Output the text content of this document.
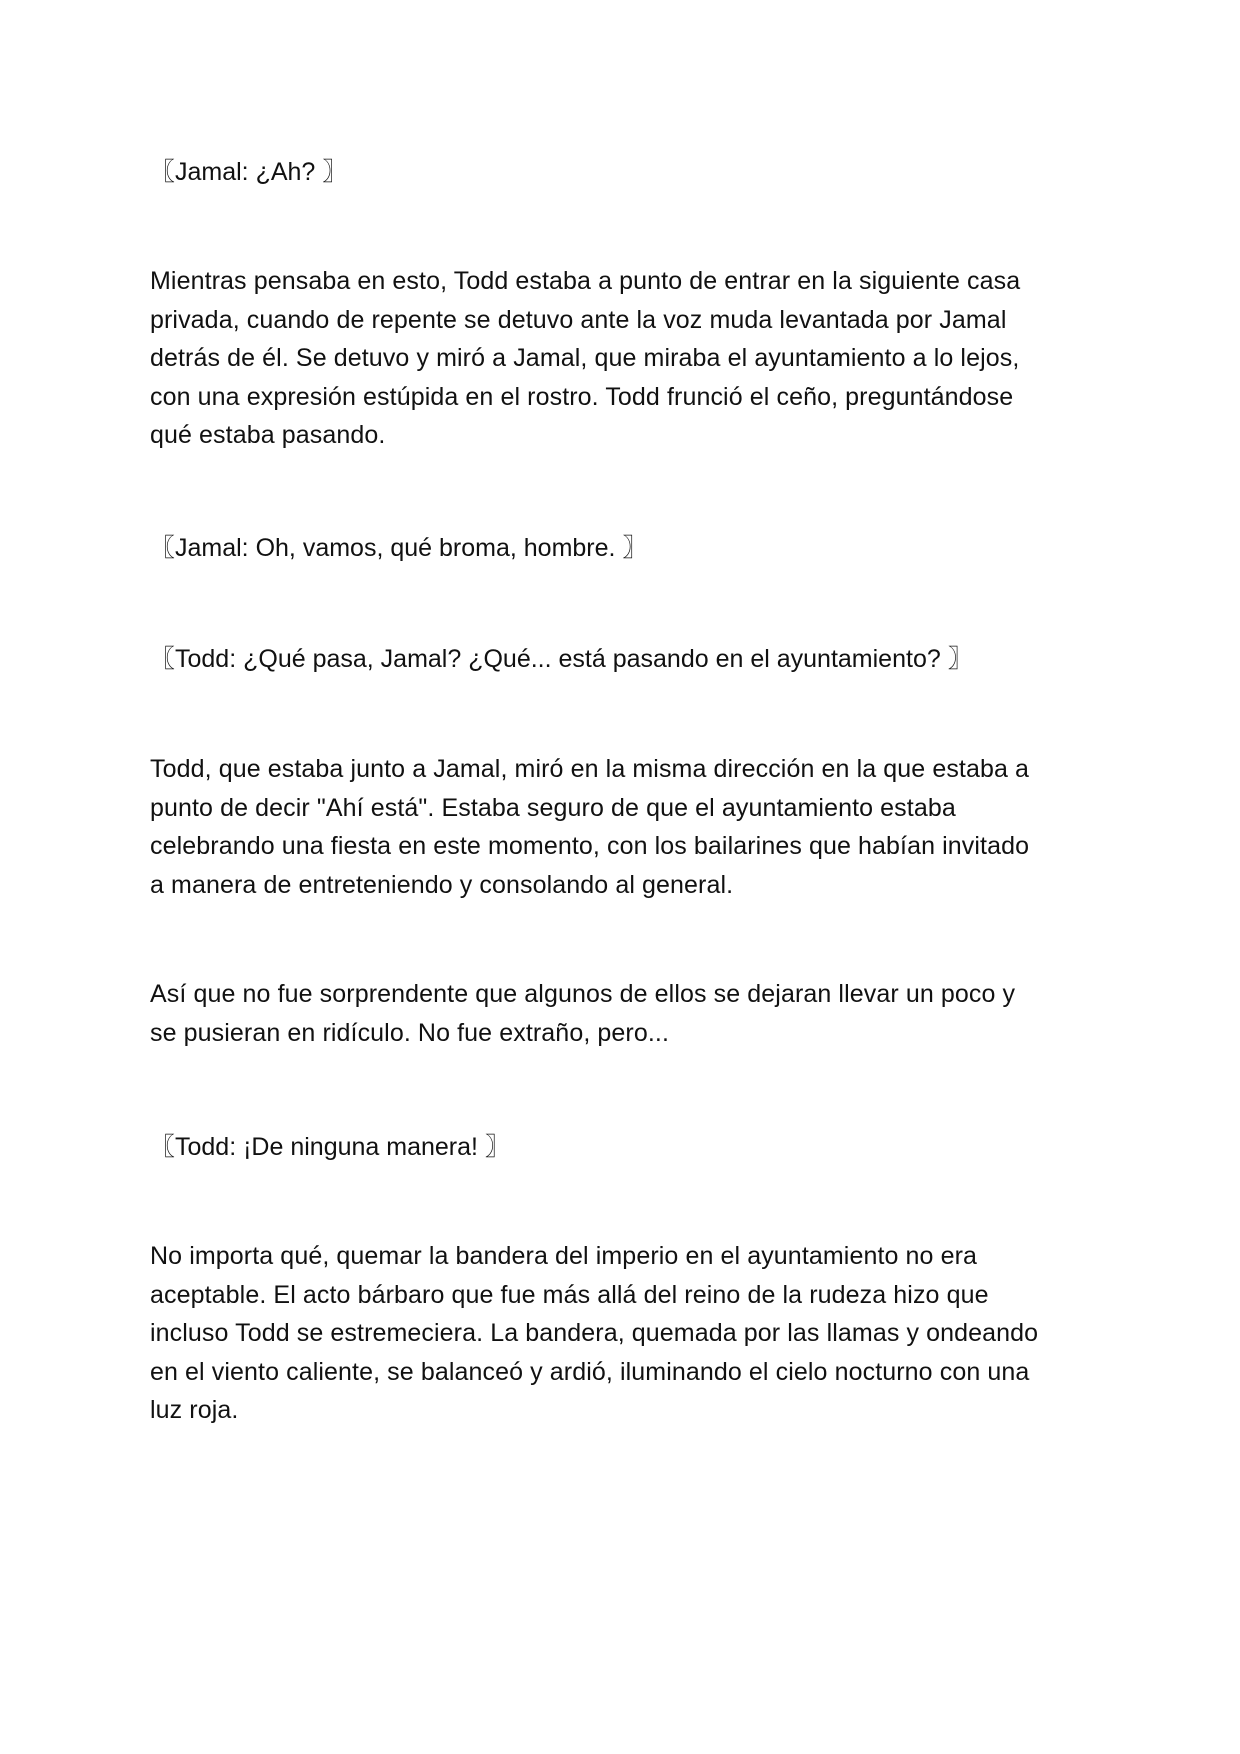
〖Jamal: ¿Ah? 〗

Mientras pensaba en esto, Todd estaba a punto de entrar en la siguiente casa
privada, cuando de repente se detuvo ante la voz muda levantada por Jamal
detrás de él. Se detuvo y miró a Jamal, que miraba el ayuntamiento a lo lejos,
con una expresión estúpida en el rostro. Todd frunció el ceño, preguntándose
qué estaba pasando.

〖Jamal: Oh, vamos, qué broma, hombre. 〗

〖Todd: ¿Qué pasa, Jamal? ¿Qué... está pasando en el ayuntamiento? 〗

Todd, que estaba junto a Jamal, miró en la misma dirección en la que estaba a
punto de decir "Ahí está". Estaba seguro de que el ayuntamiento estaba
celebrando una fiesta en este momento, con los bailarines que habían invitado
a manera de entreteniendo y consolando al general.

Así que no fue sorprendente que algunos de ellos se dejaran llevar un poco y
se pusieran en ridículo. No fue extraño, pero...

〖Todd: ¡De ninguna manera! 〗

No importa qué, quemar la bandera del imperio en el ayuntamiento no era
aceptable. El acto bárbaro que fue más allá del reino de la rudeza hizo que
incluso Todd se estremeciera. La bandera, quemada por las llamas y ondeando
en el viento caliente, se balanceó y ardió, iluminando el cielo nocturno con una
luz roja.
